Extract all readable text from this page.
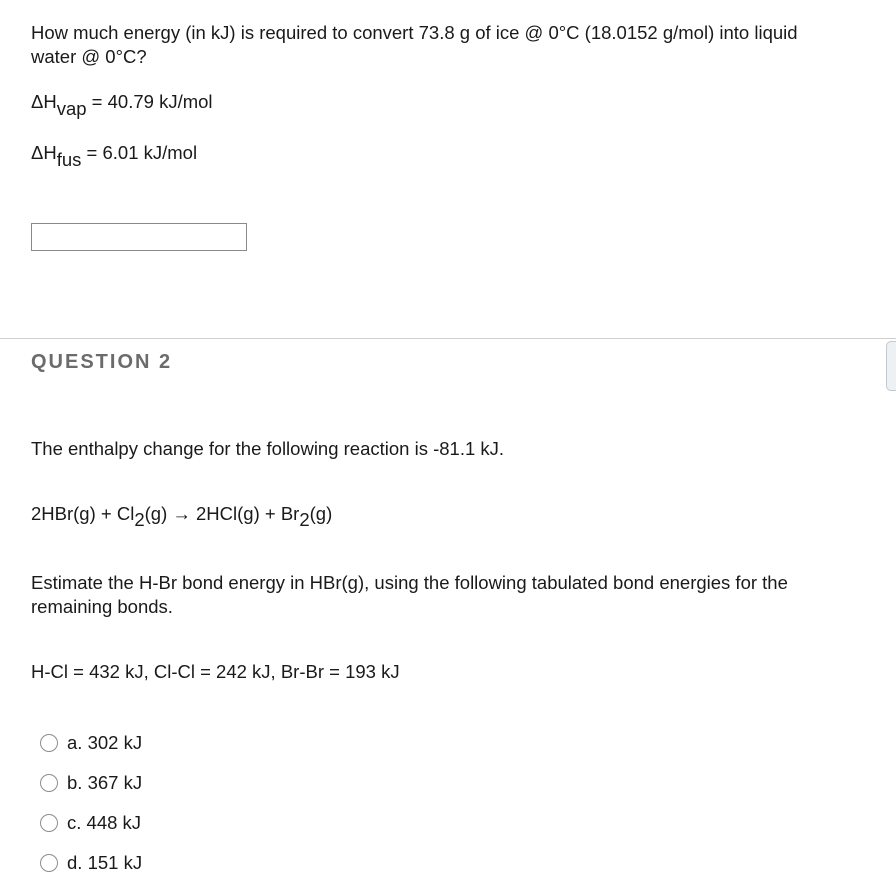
How much energy (in kJ) is required to convert 73.8 g of ice @ 0°C (18.0152 g/mol) into liquid
water @ 0°C?
$\Delta H_{vap} = 40.79$ kJ/mol
$\Delta H_{fus} = 6.01$ kJ/mol
QUESTION 2
The enthalpy change for the following reaction is -81.1 kJ.
$2HBr(g) + Cl_2(g) \to 2HCl(g) + Br_2(g)$
Estimate the H-Br bond energy in HBr(g), using the following tabulated bond energies for the
remaining bonds.
H-Cl = 432 kJ, Cl-Cl = 242 kJ, Br-Br = 193 kJ
a. 302 kJ
b. 367 kJ
c. 448 kJ
d. 151 kJ
